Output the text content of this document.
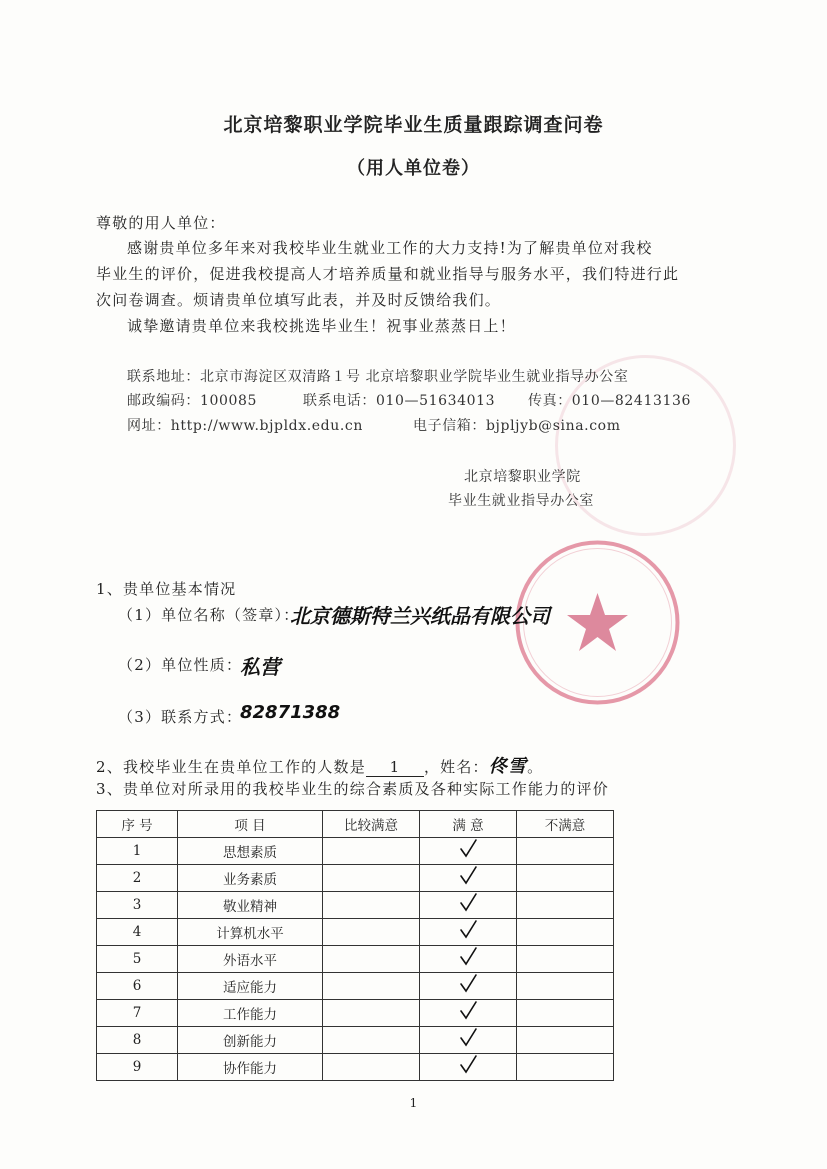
北京培黎职业学院毕业生质量跟踪调查问卷
（用人单位卷）
尊敬的用人单位：
感谢贵单位多年来对我校毕业生就业工作的大力支持!为了解贵单位对我校
毕业生的评价，促进我校提高人才培养质量和就业指导与服务水平，我们特进行此
次问卷调查。烦请贵单位填写此表，并及时反馈给我们。
诚挚邀请贵单位来我校挑选毕业生！祝事业蒸蒸日上！
联系地址：北京市海淀区双清路１号 北京培黎职业学院毕业生就业指导办公室
邮政编码：100085	联系电话：010—51634013 传真：010—82413136
网址：http://www.bjpldx.edu.cn	电子信箱：bjpljyb@sina.com
北京培黎职业学院
毕业生就业指导办公室
1、贵单位基本情况
（1）单位名称（签章）：
北京德斯特兰兴纸品有限公司
（2）单位性质：
私营
（3）联系方式：
82871388
2、我校毕业生在贵单位工作的人数是 1 ，姓名：佟雪。
3、贵单位对所录用的我校毕业生的综合素质及各种实际工作能力的评价
序 号	项 目	比较满意	满 意	不满意
1	思想素质			
2	业务素质			
3	敬业精神			
4	计算机水平			
5	外语水平			
6	适应能力			
7	工作能力			
8	创新能力			
9	协作能力			
1
